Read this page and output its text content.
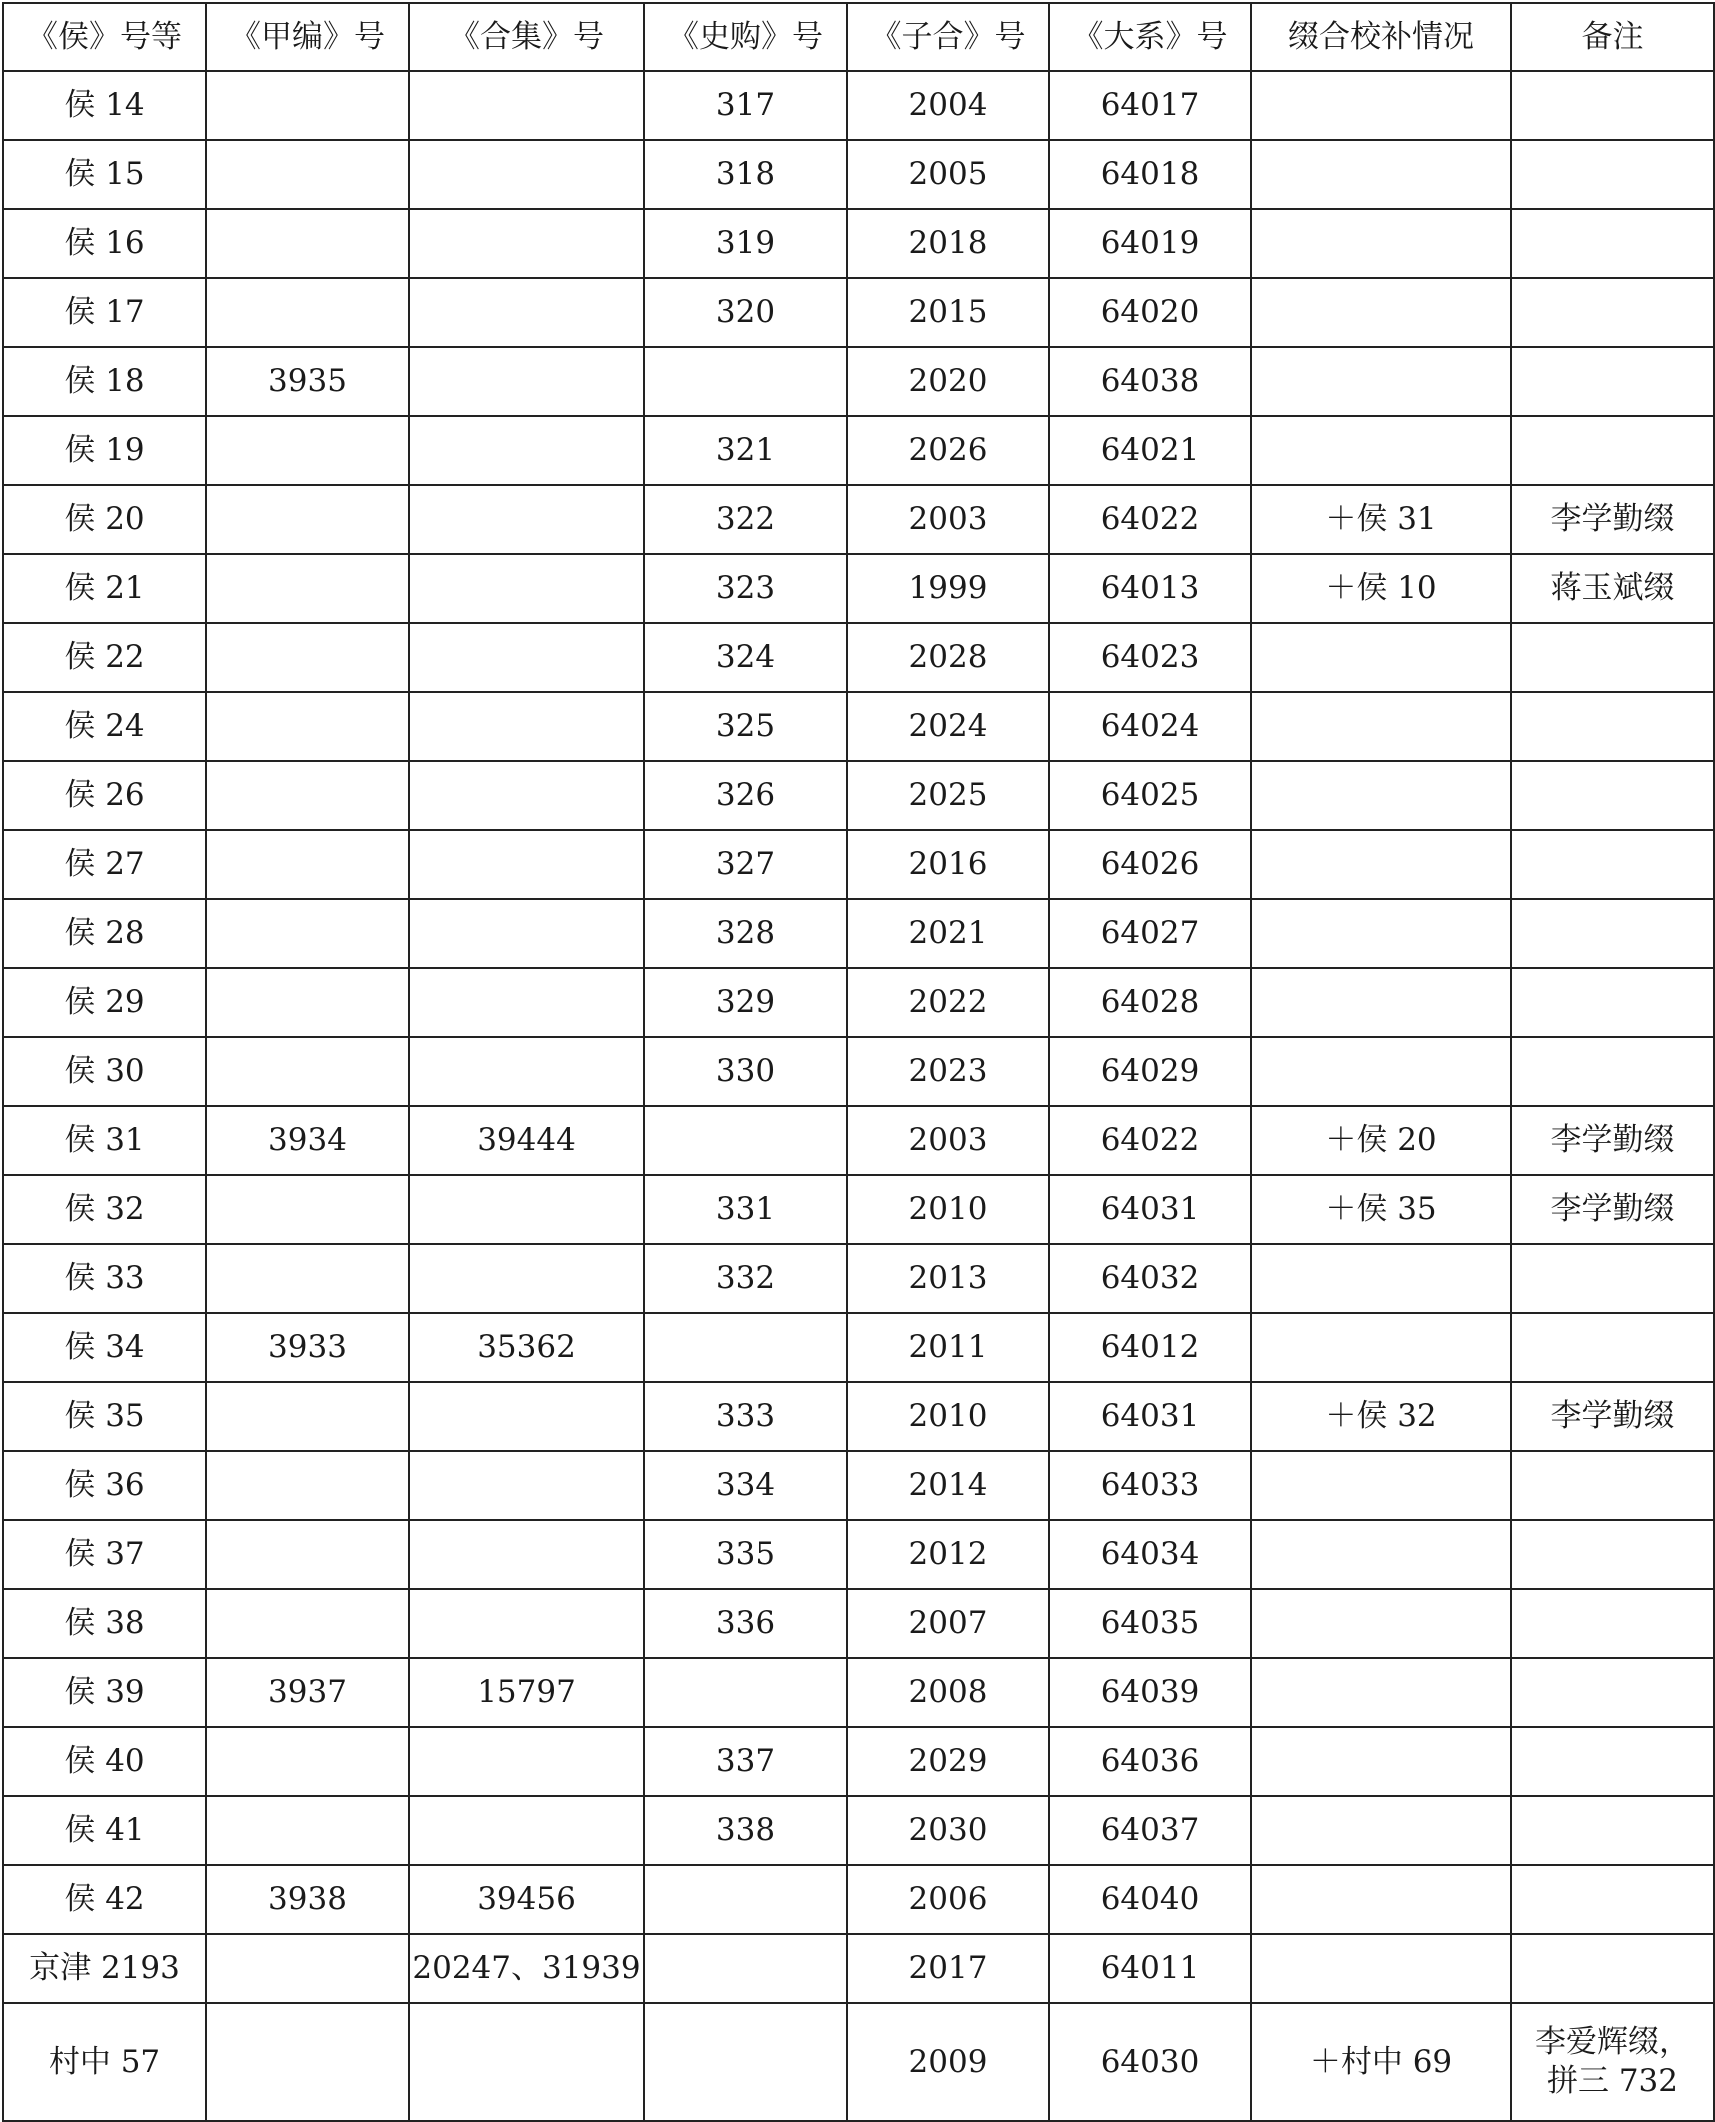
《侯》号等	《甲编》号	《合集》号	《史购》号	《子合》号	《大系》号	缀合校补情况	备注
侯 14			317	2004	64017		
侯 15			318	2005	64018		
侯 16			319	2018	64019		
侯 17			320	2015	64020		
侯 18	3935			2020	64038		
侯 19			321	2026	64021		
侯 20			322	2003	64022	＋侯 31	李学勤缀
侯 21			323	1999	64013	＋侯 10	蒋玉斌缀
侯 22			324	2028	64023		
侯 24			325	2024	64024		
侯 26			326	2025	64025		
侯 27			327	2016	64026		
侯 28			328	2021	64027		
侯 29			329	2022	64028		
侯 30			330	2023	64029		
侯 31	3934	39444		2003	64022	＋侯 20	李学勤缀
侯 32			331	2010	64031	＋侯 35	李学勤缀
侯 33			332	2013	64032		
侯 34	3933	35362		2011	64012		
侯 35			333	2010	64031	＋侯 32	李学勤缀
侯 36			334	2014	64033		
侯 37			335	2012	64034		
侯 38			336	2007	64035		
侯 39	3937	15797		2008	64039		
侯 40			337	2029	64036		
侯 41			338	2030	64037		
侯 42	3938	39456		2006	64040		
京津 2193		20247、31939		2017	64011		
村中 57				2009	64030	＋村中 69	李爱辉缀，
拼三 732
